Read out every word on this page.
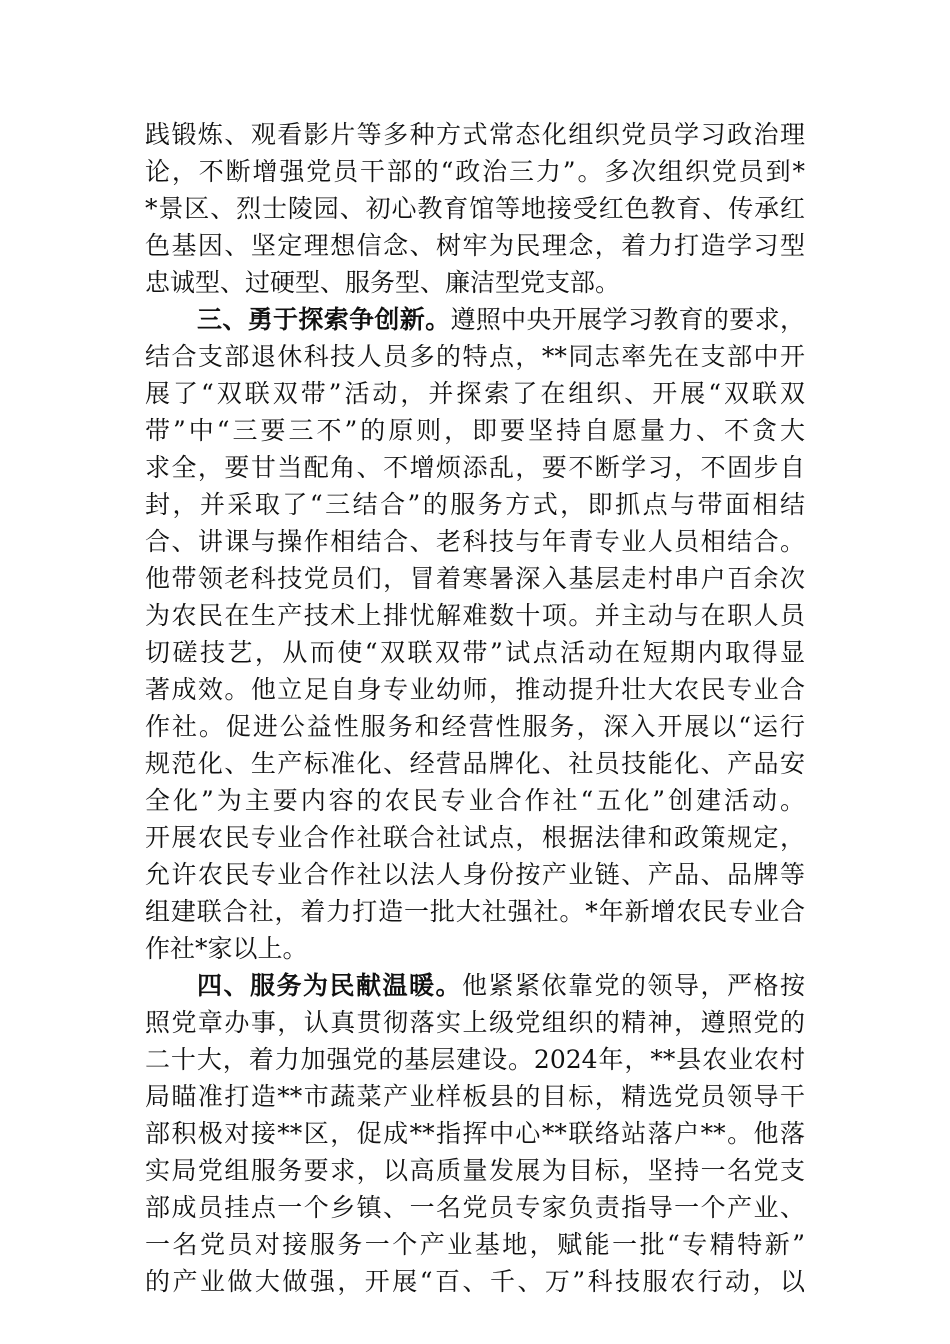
践锻炼、观看影片等多种方式常态化组织党员学习政治理
论，不断增强党员干部的“政治三力”。多次组织党员到*
*景区、烈士陵园、初心教育馆等地接受红色教育、传承红
色基因、坚定理想信念、树牢为民理念，着力打造学习型
忠诚型、过硬型、服务型、廉洁型党支部。
三、勇于探索争创新。遵照中央开展学习教育的要求，
结合支部退休科技人员多的特点，**同志率先在支部中开
展了“双联双带”活动，并探索了在组织、开展“双联双
带”中“三要三不”的原则，即要坚持自愿量力、不贪大
求全，要甘当配角、不增烦添乱，要不断学习，不固步自
封，并采取了“三结合”的服务方式，即抓点与带面相结
合、讲课与操作相结合、老科技与年青专业人员相结合。
他带领老科技党员们，冒着寒暑深入基层走村串户百余次
为农民在生产技术上排忧解难数十项。并主动与在职人员
切磋技艺，从而使“双联双带”试点活动在短期内取得显
著成效。他立足自身专业幼师，推动提升壮大农民专业合
作社。促进公益性服务和经营性服务，深入开展以“运行
规范化、生产标准化、经营品牌化、社员技能化、产品安
全化”为主要内容的农民专业合作社“五化”创建活动。
开展农民专业合作社联合社试点，根据法律和政策规定，
允许农民专业合作社以法人身份按产业链、产品、品牌等
组建联合社，着力打造一批大社强社。*年新增农民专业合
作社*家以上。
四、服务为民献温暖。他紧紧依靠党的领导，严格按
照党章办事，认真贯彻落实上级党组织的精神，遵照党的
二十大，着力加强党的基层建设。2024年，**县农业农村
局瞄准打造**市蔬菜产业样板县的目标，精选党员领导干
部积极对接**区，促成**指挥中心**联络站落户**。他落
实局党组服务要求，以高质量发展为目标，坚持一名党支
部成员挂点一个乡镇、一名党员专家负责指导一个产业、
一名党员对接服务一个产业基地，赋能一批“专精特新”
的产业做大做强，开展“百、千、万”科技服农行动，以
